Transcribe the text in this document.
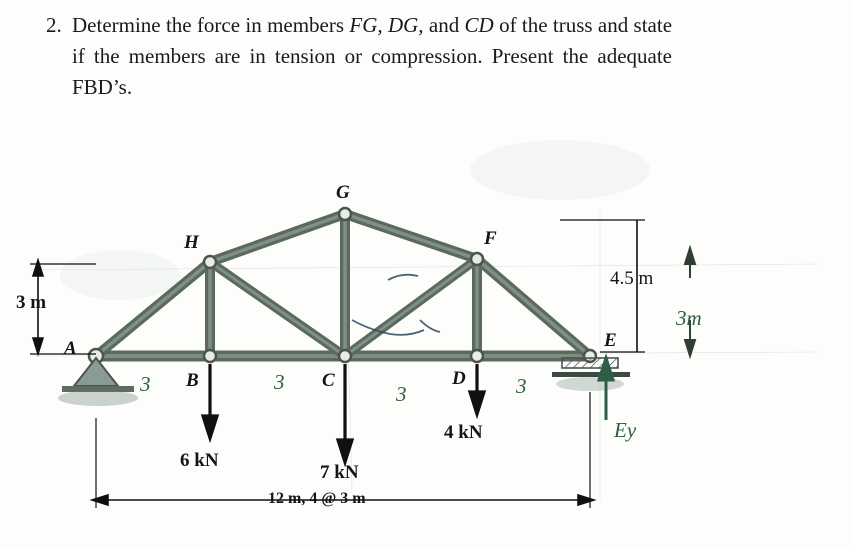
2. Determine the force in members FG, DG, and CD of the truss and state if the members are in tension or compression. Present the adequate FBD’s.
G
H	F
A
B	C	D
E
3 m
4.5 m
3m
12 m, 4 @ 3 m
6 kN
7 kN
4 kN	Ey
3	3	3	3
